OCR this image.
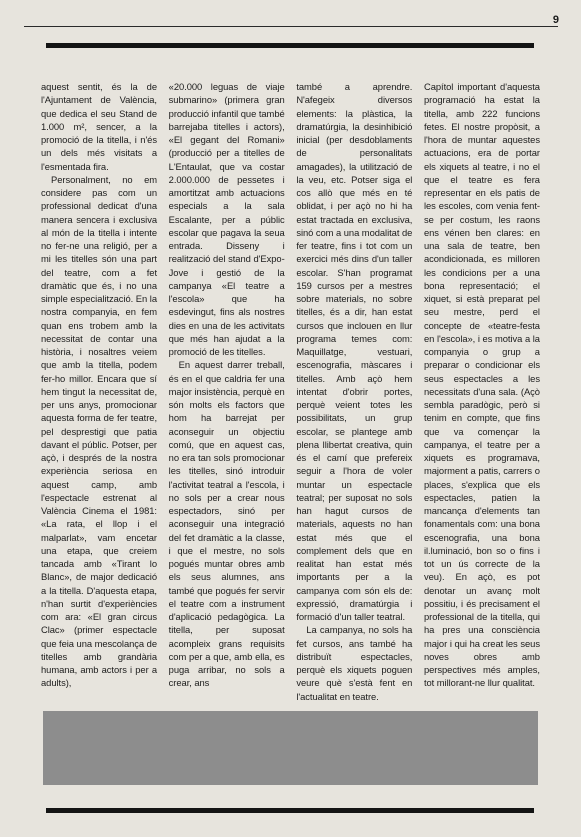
9

aquest sentit, és la de l'Ajuntament de València, que dedica el seu Stand de 1.000 m², sencer, a la promoció de la titella, i n'és un dels més visitats a l'esmentada fira.

Personalment, no em considere pas com un professional dedicat d'una manera sencera i exclusiva al món de la titella i intente no fer-ne una religió, per a mi les titelles són una part del teatre, com a fet dramàtic que és, i no una simple especialització. En la nostra companyia, en fem quan ens trobem amb la necessitat de contar una història, i nosaltres veiem que amb la titella, podem fer-ho millor. Encara que sí hem tingut la necessitat de, per uns anys, promocionar aquesta forma de fer teatre, pel desprestigi que patia davant el públic. Potser, per açò, i després de la nostra experiència seriosa en aquest camp, amb l'espectacle estrenat al València Cinema el 1981: «La rata, el llop i el malparlat», vam encetar una etapa, que creiem tancada amb «Tirant lo Blanc», de major dedicació a la titella. D'aquesta etapa, n'han surtit d'experiències com ara: «El gran circus Clac» (primer espectacle que feia una mescolança de titelles amb grandària humana, amb actors i per a adults),

«20.000 leguas de viaje submarino» (primera gran producció infantil que també barrejaba titelles i actors), «El gegant del Romani» (producció per a titelles de L'Entaulat, que va costar 2.000.000 de pessetes i amortitzat amb actuacions especials a la sala Escalante, per a públic escolar que pagava la seua entrada. Disseny i realització del stand d'Expo-Jove i gestió de la campanya «El teatre a l'escola» que ha esdevingut, fins als nostres dies en una de les activitats que més han ajudat a la promoció de les titelles.

En aquest darrer treball, és en el que caldria fer una major insistència, perquè en són molts els factors que hom ha barrejat per aconseguir un objectiu comú, que en aquest cas, no era tan sols promocionar les titelles, sinó introduir l'activitat teatral a l'escola, i no sols per a crear nous espectadors, sinó per aconseguir una integració del fet dramàtic a la classe, i que el mestre, no sols pogués muntar obres amb els seus alumnes, ans també que pogués fer servir el teatre com a instrument d'aplicació pedagògica. La titella, per suposat acompleix grans requisits com per a que, amb ella, es puga arribar, no sols a crear, ans

també a aprendre. N'afegeix diversos elements: la plàstica, la dramatúrgia, la desinhibició inicial (per desdoblaments de personalitats amagades), la utilització de la veu, etc. Potser siga el cos allò que més en té oblidat, i per açò no hi ha estat tractada en exclusiva, sinó com a una modalitat de fer teatre, fins i tot com un exercici més dins d'un taller escolar. S'han programat 159 cursos per a mestres sobre materials, no sobre titelles, és a dir, han estat cursos que inclouen en llur programa temes com: Maquillatge, vestuari, escenografia, màscares i titelles. Amb açò hem intentat d'obrir portes, perquè veient totes les possibilitats, un grup escolar, se plantege amb plena llibertat creativa, quin és el camí que prefereix seguir a l'hora de voler muntar un espectacle teatral; per suposat no sols han hagut cursos de materials, aquests no han estat més que el complement dels que en realitat han estat més importants per a la campanya com són els de: expressió, dramatúrgia i formació d'un taller teatral.

La campanya, no sols ha fet cursos, ans també ha distribuït espectacles, perquè els xiquets poguen veure què s'està fent en l'actualitat en teatre.

Capítol important d'aquesta programació ha estat la titella, amb 222 funcions fetes. El nostre propòsit, a l'hora de muntar aquestes actuacions, era de portar els xiquets al teatre, i no el que el teatre es fera representar en els patis de les escoles, com venia fent-se per costum, les raons ens vénen ben clares: en una sala de teatre, ben acondicionada, es milloren les condicions per a una bona representació; el xiquet, si està preparat pel seu mestre, perd el concepte de «teatre-festa en l'escola», i es motiva a la companyia o grup a preparar o condicionar els seus espectacles a les necessitats d'una sala. (Açò sembla paradògic, però si tenim en compte, que fins que va començar la campanya, el teatre per a xiquets es programava, majorment a patis, carrers o places, s'explica que els espectacles, patien la mancança d'elements tan fonamentals com: una bona escenografia, una bona il.luminació, bon so o fins i tot un ús correcte de la veu). En açò, es pot denotar un avanç molt possitiu, i és precisament el professional de la titella, qui ha pres una consciència major i qui ha creat les seus noves obres amb perspectives més amples, tot millorant-ne llur qualitat.
